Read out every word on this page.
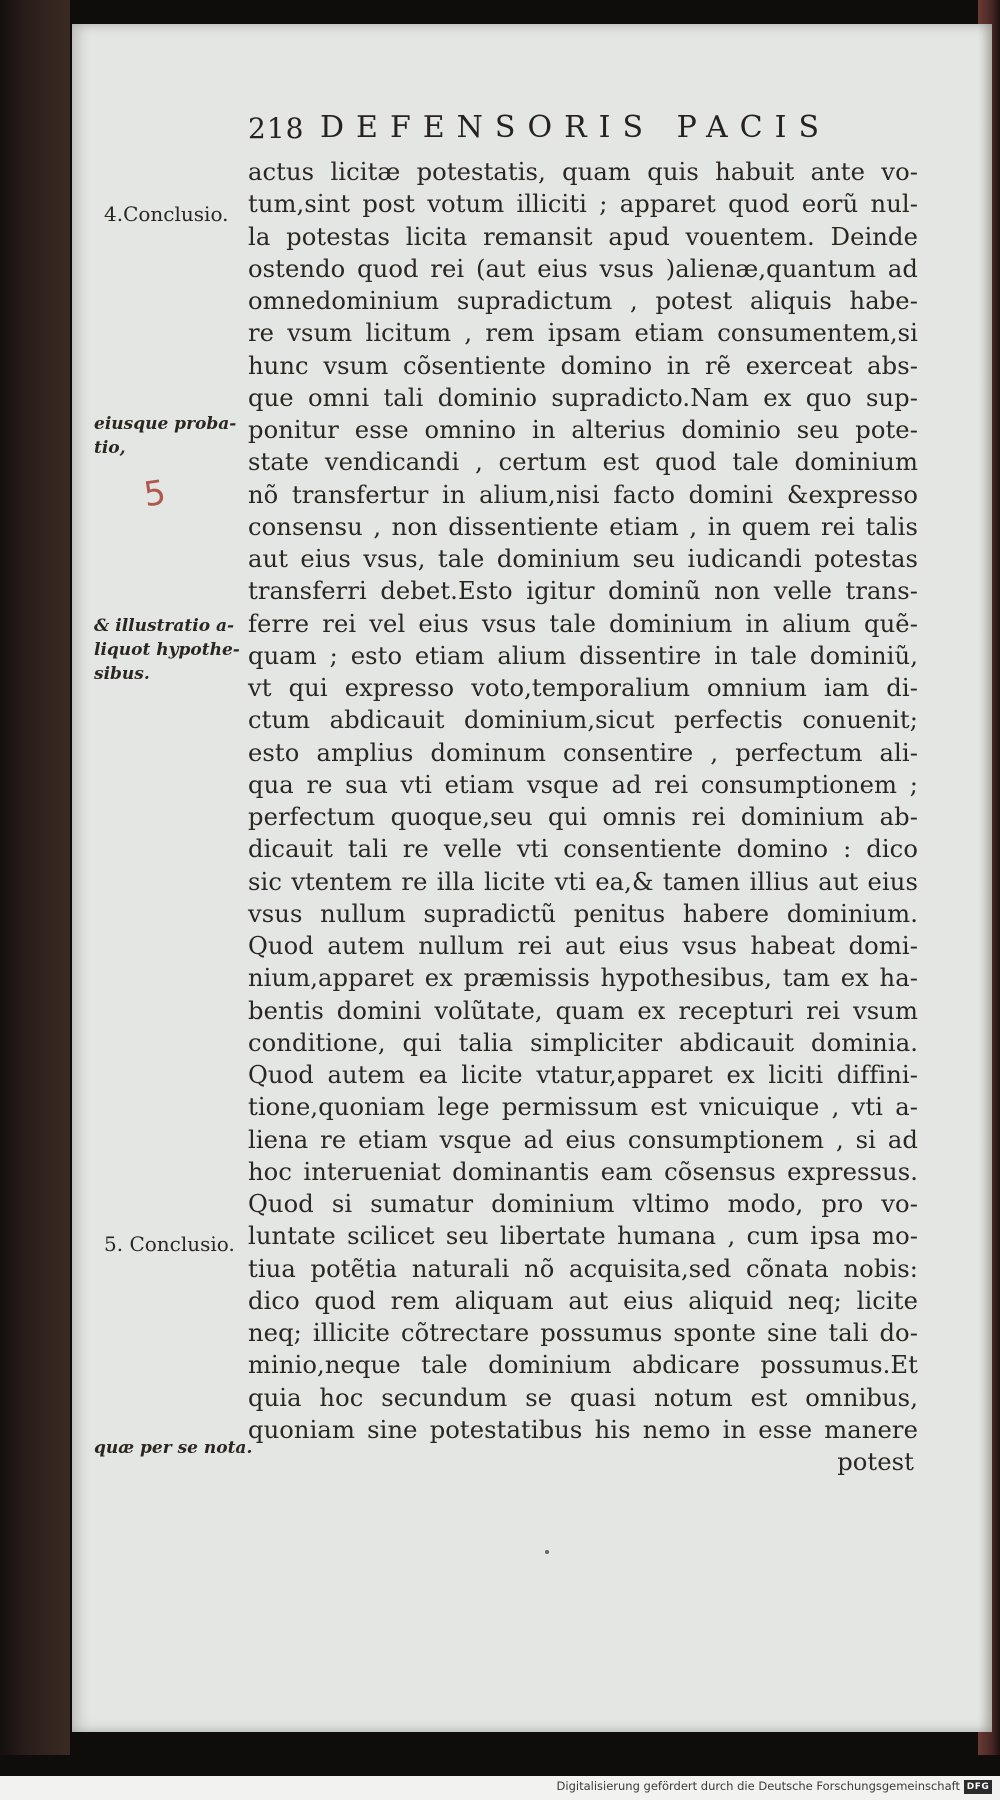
218 DEFENSORIS PACIS
4.Conclusio.
eiusque proba-
tio,
& illustratio a-
liquot hypothe-
sibus.
5. Conclusio.
quæ per se nota.
5
actus licitæ potestatis, quam quis habuit ante vo-
tum,sint post votum illiciti ; apparet quod eorũ nul-
la potestas licita remansit apud vouentem. Deinde
ostendo quod rei (aut eius vsus )alienæ,quantum ad
omnedominium supradictum , potest aliquis habe-
re vsum licitum , rem ipsam etiam consumentem,si
hunc vsum cõsentiente domino in rẽ exerceat abs-
que omni tali dominio supradicto.Nam ex quo sup-
ponitur esse omnino in alterius dominio seu pote-
state vendicandi , certum est quod tale dominium
nõ transfertur in alium,nisi facto domini &expresso
consensu , non dissentiente etiam , in quem rei talis
aut eius vsus, tale dominium seu iudicandi potestas
transferri debet.Esto igitur dominũ non velle trans-
ferre rei vel eius vsus tale dominium in alium quẽ-
quam ; esto etiam alium dissentire in tale dominiũ,
vt qui expresso voto,temporalium omnium iam di-
ctum abdicauit dominium,sicut perfectis conuenit;
esto amplius dominum consentire , perfectum ali-
qua re sua vti etiam vsque ad rei consumptionem ;
perfectum quoque,seu qui omnis rei dominium ab-
dicauit tali re velle vti consentiente domino : dico
sic vtentem re illa licite vti ea,& tamen illius aut eius
vsus nullum supradictũ penitus habere dominium.
Quod autem nullum rei aut eius vsus habeat domi-
nium,apparet ex præmissis hypothesibus, tam ex ha-
bentis domini volũtate, quam ex recepturi rei vsum
conditione, qui talia simpliciter abdicauit dominia.
Quod autem ea licite vtatur,apparet ex liciti diffini-
tione,quoniam lege permissum est vnicuique , vti a-
liena re etiam vsque ad eius consumptionem , si ad
hoc interueniat dominantis eam cõsensus expressus.
Quod si sumatur dominium vltimo modo, pro vo-
luntate scilicet seu libertate humana , cum ipsa mo-
tiua potẽtia naturali nõ acquisita,sed cõnata nobis:
dico quod rem aliquam aut eius aliquid neq; licite
neq; illicite cõtrectare possumus sponte sine tali do-
minio,neque tale dominium abdicare possumus.Et
quia hoc secundum se quasi notum est omnibus,
quoniam sine potestatibus his nemo in esse manere
potest
Digitalisierung gefördert durch die Deutsche Forschungsgemeinschaft DFG
